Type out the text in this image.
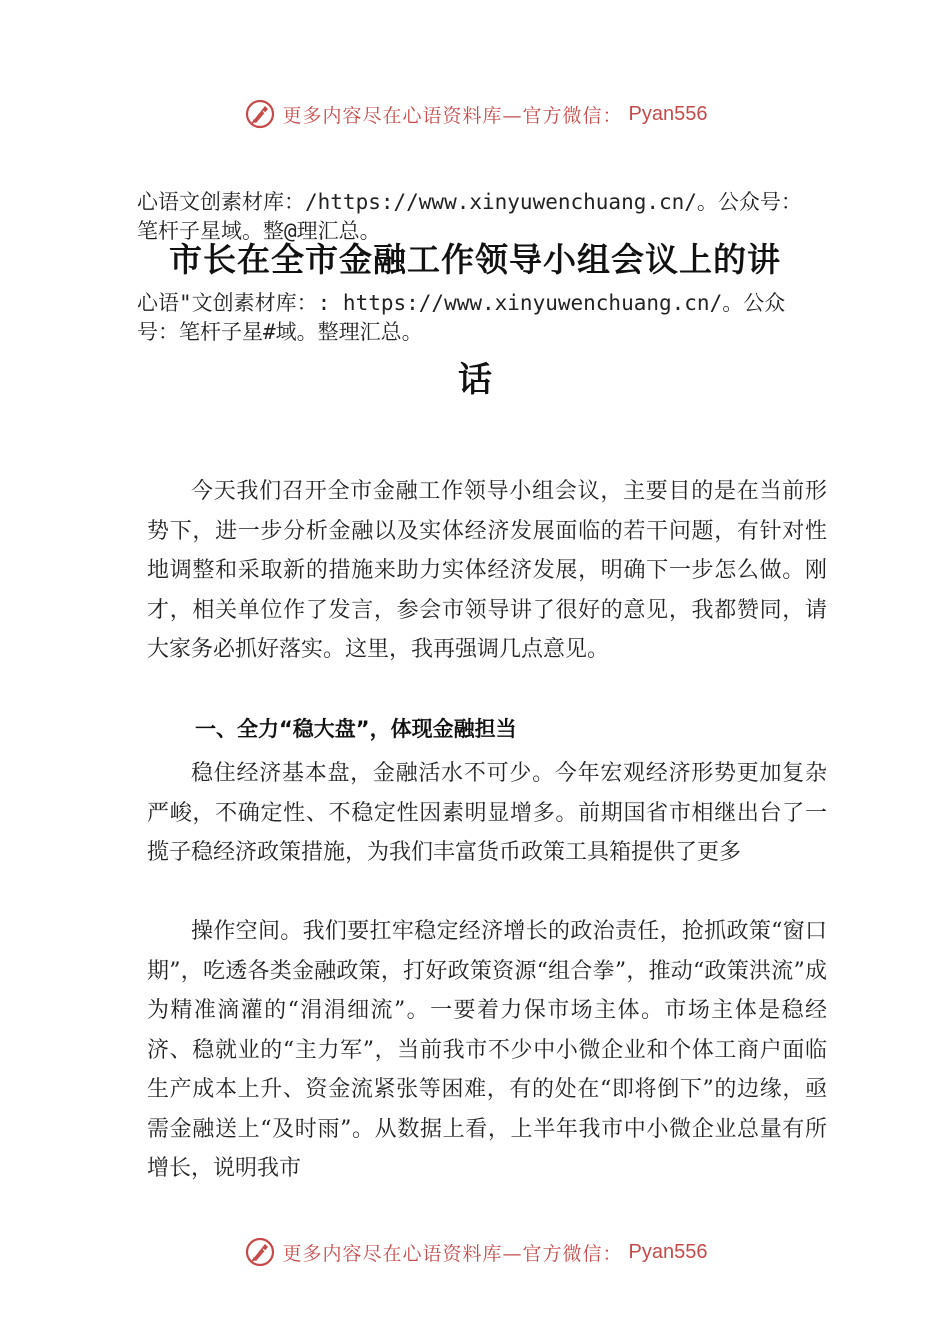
更多内容尽在心语资料库—官方微信： Pyan556
心语文创素材库：/https://www.xinyuwenchuang.cn/。公众号：
笔杆子星域。整@理汇总。
市长在全市金融工作领导小组会议上的讲
心语"文创素材库：: https://www.xinyuwenchuang.cn/。公众
号：笔杆子星#域。整理汇总。
话

今天我们召开全市金融工作领导小组会议，主要目的是在当前形势下，进一步分析金融以及实体经济发展面临的若干问题，有针对性地调整和采取新的措施来助力实体经济发展，明确下一步怎么做。刚才，相关单位作了发言，参会市领导讲了很好的意见，我都赞同，请大家务必抓好落实。这里，我再强调几点意见。

一、全力“稳大盘”，体现金融担当

稳住经济基本盘，金融活水不可少。今年宏观经济形势更加复杂严峻，不确定性、不稳定性因素明显增多。前期国省市相继出台了一揽子稳经济政策措施，为我们丰富货币政策工具箱提供了更多

操作空间。我们要扛牢稳定经济增长的政治责任，抢抓政策“窗口期”，吃透各类金融政策，打好政策资源“组合拳”，推动“政策洪流”成为精准滴灌的“涓涓细流”。一要着力保市场主体。市场主体是稳经济、稳就业的“主力军”，当前我市不少中小微企业和个体工商户面临生产成本上升、资金流紧张等困难，有的处在“即将倒下”的边缘，亟需金融送上“及时雨”。从数据上看，上半年我市中小微企业总量有所增长，说明我市

更多内容尽在心语资料库—官方微信： Pyan556
